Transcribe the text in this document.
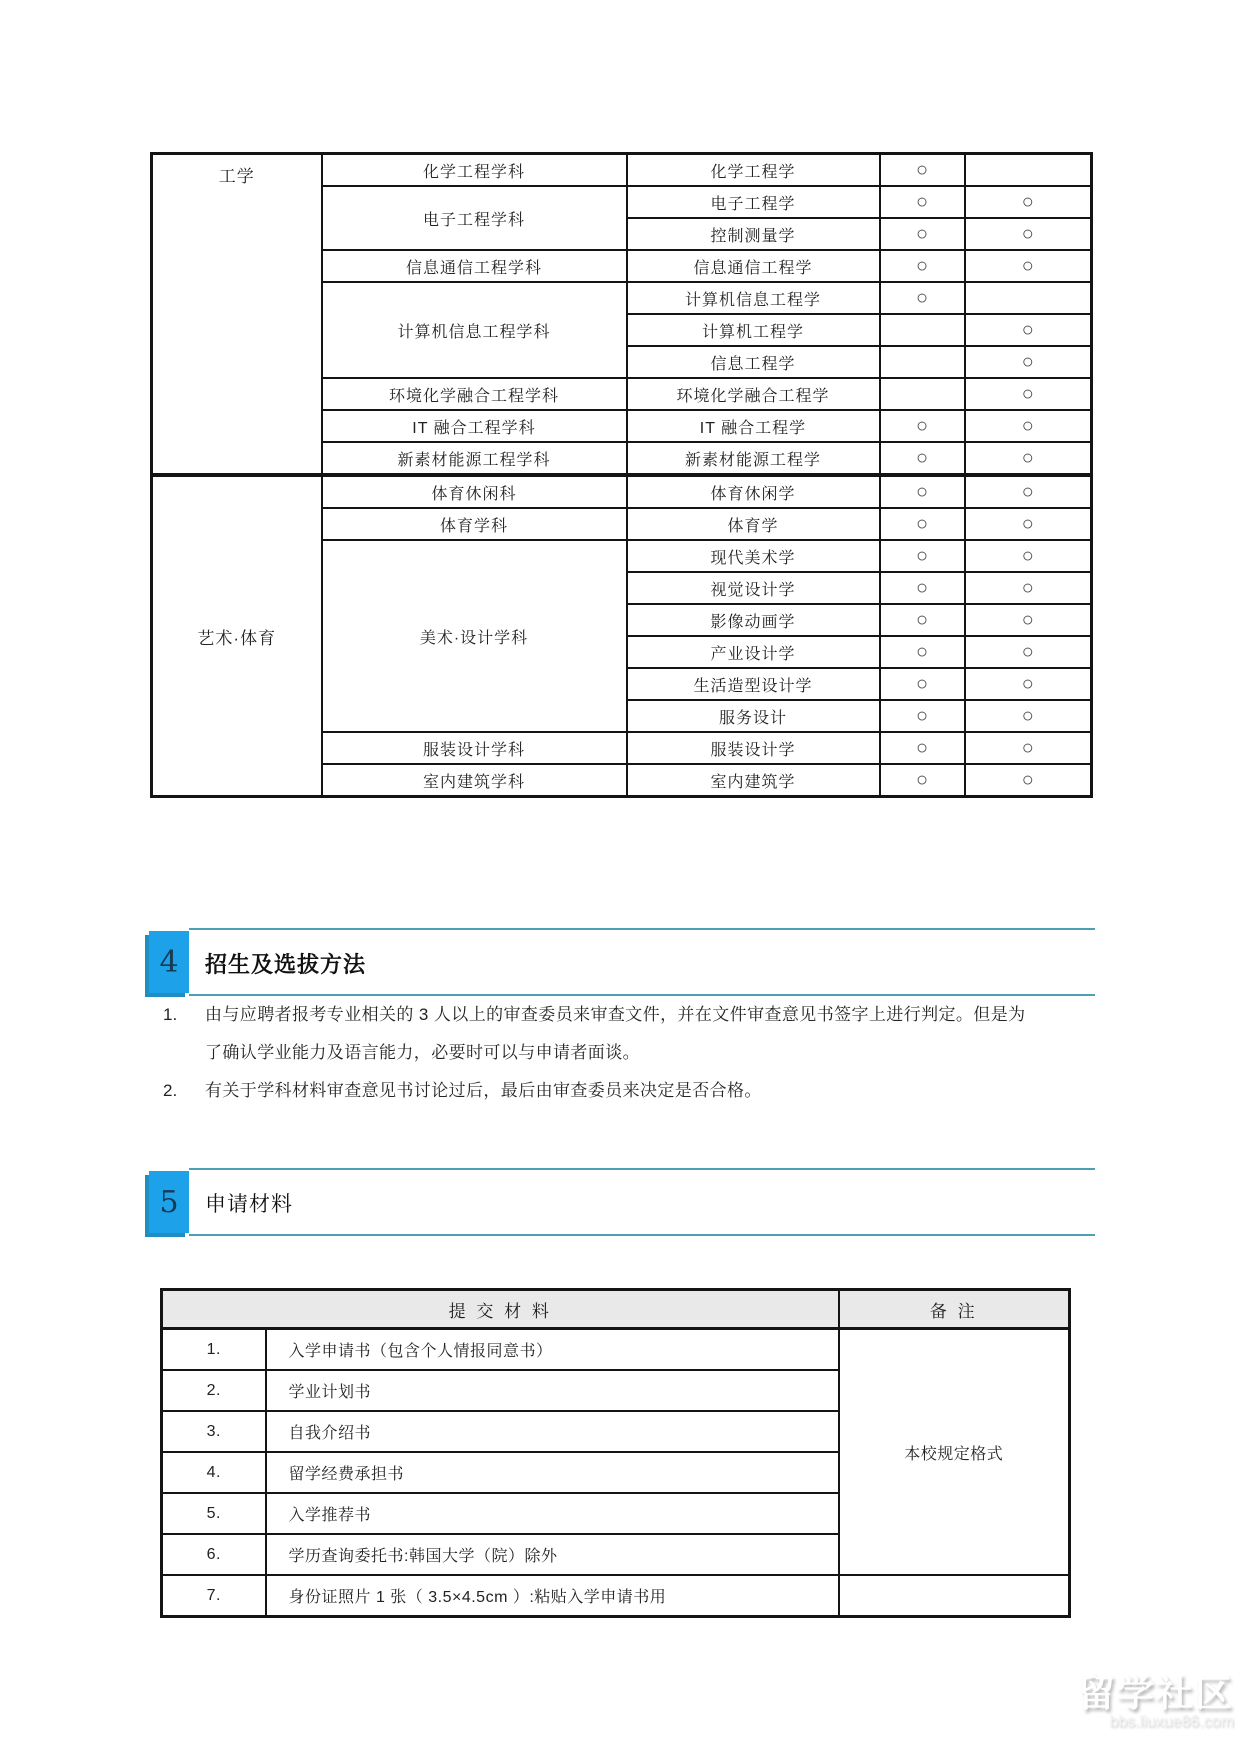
工学	化学工程学科	化学工程学	○	
	电子工程学科	电子工程学	○	○
		控制测量学	○	○
	信息通信工程学科	信息通信工程学	○	○
	计算机信息工程学科	计算机信息工程学	○	
		计算机工程学		○
		信息工程学		○
	环境化学融合工程学科	环境化学融合工程学		○
	IT 融合工程学科	IT 融合工程学	○	○
	新素材能源工程学科	新素材能源工程学	○	○
艺术·体育	体育休闲科	体育休闲学	○	○
	体育学科	体育学	○	○
	美术·设计学科	现代美术学	○	○
		视觉设计学	○	○
		影像动画学	○	○
		产业设计学	○	○
		生活造型设计学	○	○
		服务设计	○	○
	服装设计学科	服装设计学	○	○
	室内建筑学科	室内建筑学	○	○
4 招生及选拔方法
1.	由与应聘者报考专业相关的 3 人以上的审查委员来审查文件，并在文件审查意见书签字上进行判定。但是为了确认学业能力及语言能力，必要时可以与申请者面谈。
2.	有关于学科材料审查意见书讨论过后，最后由审查委员来决定是否合格。
5 申请材料
提 交 材 料		备 注
1.	入学申请书（包含个人情报同意书）	本校规定格式
2.	学业计划书	
3.	自我介绍书	
4.	留学经费承担书	
5.	入学推荐书	
6.	学历查询委托书:韩国大学（院）除外	
7.	身份证照片 1 张（ 3.5×4.5cm ）:粘贴入学申请书用	
留学社区
bbs.liuxue86.com
